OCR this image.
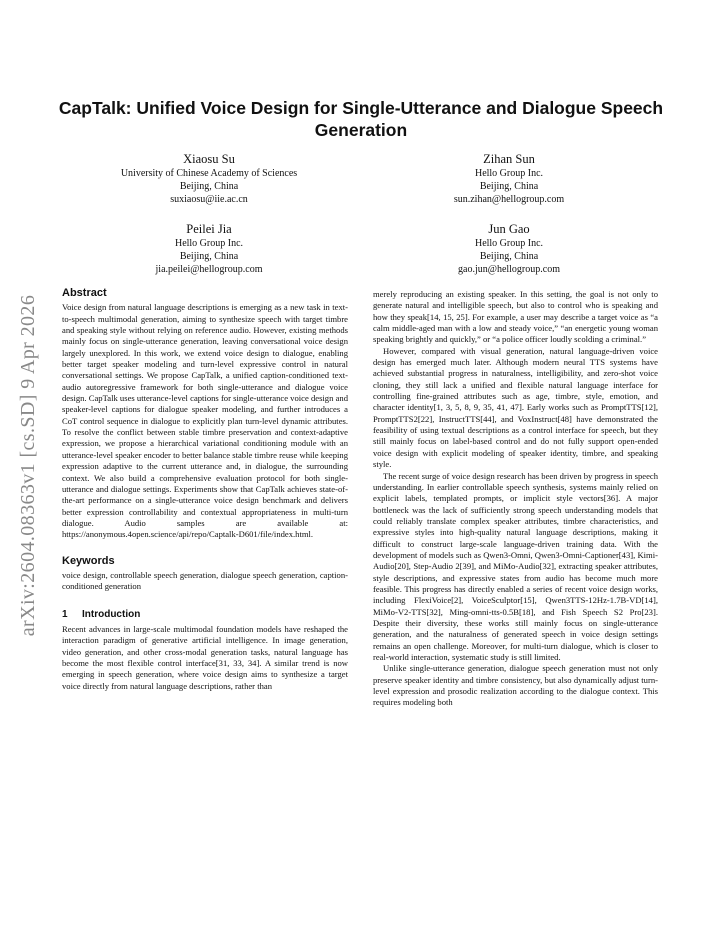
arXiv:2604.08363v1 [cs.SD] 9 Apr 2026
CapTalk: Unified Voice Design for Single-Utterance and Dialogue Speech Generation
Xiaosu Su
University of Chinese Academy of Sciences
Beijing, China
suxiaosu@iie.ac.cn
Zihan Sun
Hello Group Inc.
Beijing, China
sun.zihan@hellogroup.com
Peilei Jia
Hello Group Inc.
Beijing, China
jia.peilei@hellogroup.com
Jun Gao
Hello Group Inc.
Beijing, China
gao.jun@hellogroup.com
Abstract

Voice design from natural language descriptions is emerging as a new task in text-to-speech multimodal generation, aiming to synthesize speech with target timbre and speaking style without relying on reference audio. However, existing methods mainly focus on single-utterance generation, leaving conversational voice design largely unexplored. In this work, we extend voice design to dialogue, enabling better target speaker modeling and turn-level expressive control in natural conversational settings. We propose CapTalk, a unified caption-conditioned text-audio autoregressive framework for both single-utterance and dialogue voice design. CapTalk uses utterance-level captions for single-utterance voice design and speaker-level captions for dialogue speaker modeling, and further introduces a CoT control sequence in dialogue to explicitly plan turn-level dynamic attributes. To resolve the conflict between stable timbre preservation and context-adaptive expression, we propose a hierarchical variational conditioning module with an utterance-level speaker encoder to better balance stable timbre reuse while keeping expression adaptive to the current utterance and, in dialogue, the surrounding context. We also build a comprehensive evaluation protocol for both single-utterance and dialogue settings. Experiments show that CapTalk achieves state-of-the-art performance on a single-utterance voice design benchmark and delivers better expression controllability and contextual appropriateness in multi-turn dialogue. Audio samples are available at: https://anonymous.4open.science/api/repo/Captalk-D601/file/index.html.

Keywords

voice design, controllable speech generation, dialogue speech generation, caption-conditioned generation

1 Introduction

Recent advances in large-scale multimodal foundation models have reshaped the interaction paradigm of generative artificial intelligence. In image generation, video generation, and other cross-modal generation tasks, natural language has become the most flexible control interface[31, 33, 34]. A similar trend is now emerging in speech generation, where voice design aims to synthesize a target voice directly from natural language descriptions, rather than

merely reproducing an existing speaker. In this setting, the goal is not only to generate natural and intelligible speech, but also to control who is speaking and how they speak[14, 15, 25]. For example, a user may describe a target voice as “a calm middle-aged man with a low and steady voice,” “an energetic young woman speaking brightly and quickly,” or “a police officer loudly scolding a criminal.”

However, compared with visual generation, natural language-driven voice design has emerged much later. Although modern neural TTS systems have achieved substantial progress in naturalness, intelligibility, and zero-shot voice cloning, they still lack a unified and flexible natural language interface for controlling fine-grained attributes such as age, timbre, style, emotion, and character identity[1, 3, 5, 8, 9, 35, 41, 47]. Early works such as PromptTTS[12], PromptTTS2[22], InstructTTS[44], and VoxInstruct[48] have demonstrated the feasibility of using textual descriptions as a control interface for speech, but they still mainly focus on label-based control and do not fully support open-ended voice design with explicit modeling of speaker identity, timbre, and speaking style.

The recent surge of voice design research has been driven by progress in speech understanding. In earlier controllable speech synthesis, systems mainly relied on explicit labels, templated prompts, or implicit style vectors[36]. A major bottleneck was the lack of sufficiently strong speech understanding models that could reliably translate complex speaker attributes, timbre characteristics, and expressive styles into high-quality natural language descriptions, making it difficult to construct large-scale language-driven training data. With the development of models such as Qwen3-Omni, Qwen3-Omni-Captioner[43], Kimi-Audio[20], Step-Audio 2[39], and MiMo-Audio[32], extracting speaker attributes, style descriptions, and expressive states from audio has become much more feasible. This progress has directly enabled a series of recent voice design works, including FlexiVoice[2], VoiceSculptor[15], Qwen3TTS-12Hz-1.7B-VD[14], MiMo-V2-TTS[32], Ming-omni-tts-0.5B[18], and Fish Speech S2 Pro[23]. Despite their diversity, these works still mainly focus on single-utterance generation, and the naturalness of generated speech in voice design settings remains an open challenge. Moreover, for multi-turn dialogue, which is closer to real-world interaction, systematic study is still limited.

Unlike single-utterance generation, dialogue speech generation must not only preserve speaker identity and timbre consistency, but also dynamically adjust turn-level expression and prosodic realization according to the dialogue context. This requires modeling both
